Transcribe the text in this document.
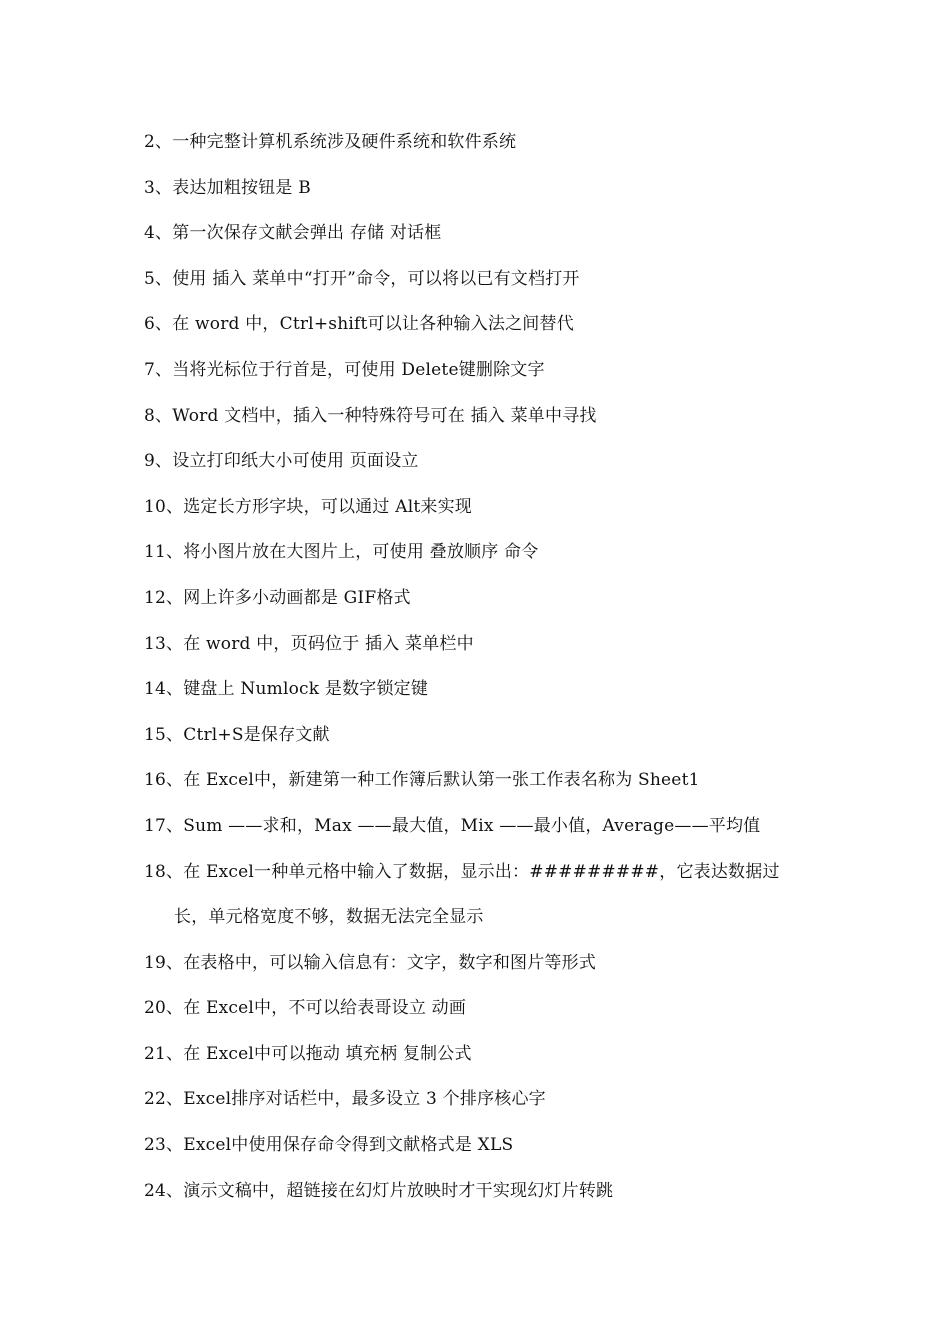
2、一种完整计算机系统涉及硬件系统和软件系统
3、表达加粗按钮是 B
4、第一次保存文献会弹出 存储 对话框
5、使用 插入 菜单中“打开”命令，可以将以已有文档打开
6、在 word 中，Ctrl+shift可以让各种输入法之间替代
7、当将光标位于行首是，可使用 Delete键删除文字
8、Word 文档中，插入一种特殊符号可在 插入 菜单中寻找
9、设立打印纸大小可使用 页面设立
10、选定长方形字块，可以通过 Alt来实现
11、将小图片放在大图片上，可使用 叠放顺序 命令
12、网上许多小动画都是 GIF格式
13、在 word 中，页码位于 插入 菜单栏中
14、键盘上 Numlock 是数字锁定键
15、Ctrl+S是保存文献
16、在 Excel中，新建第一种工作簿后默认第一张工作表名称为 Sheet1
17、Sum ——求和，Max ——最大值，Mix ——最小值，Average——平均值
18、在 Excel一种单元格中输入了数据，显示出：#########，它表达数据过
长，单元格宽度不够，数据无法完全显示
19、在表格中，可以输入信息有：文字，数字和图片等形式
20、在 Excel中，不可以给表哥设立 动画
21、在 Excel中可以拖动 填充柄 复制公式
22、Excel排序对话栏中，最多设立 3 个排序核心字
23、Excel中使用保存命令得到文献格式是 XLS
24、演示文稿中，超链接在幻灯片放映时才干实现幻灯片转跳
